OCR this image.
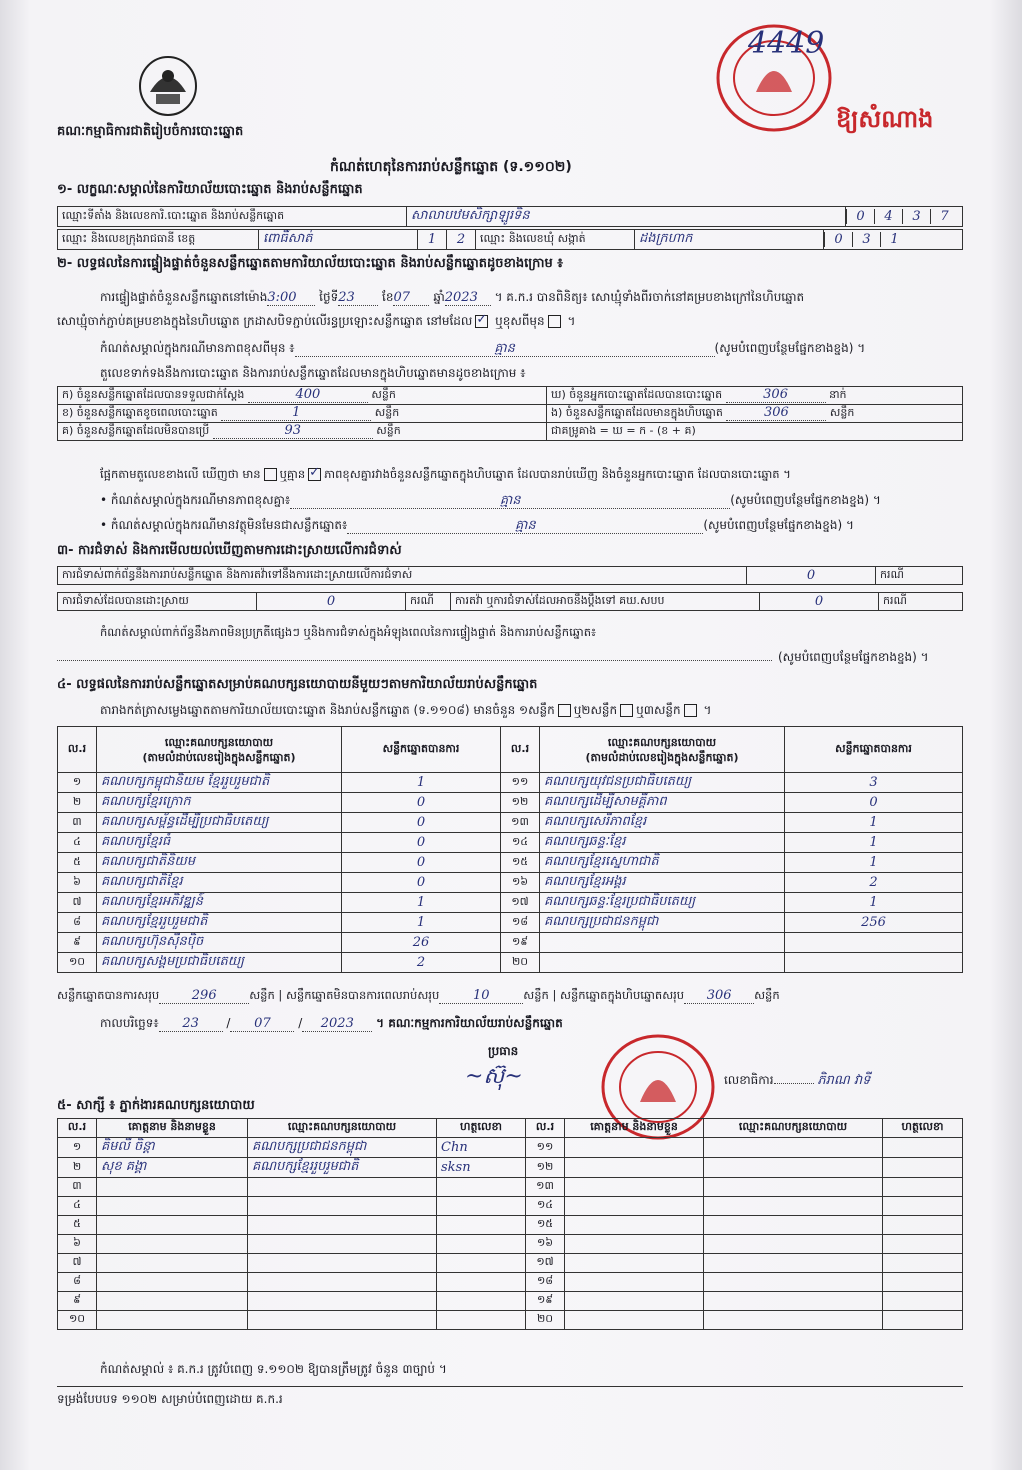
គណៈកម្មាធិការជាតិរៀបចំការបោះឆ្នោត
កំណត់ហេតុនៃការរាប់សន្លឹកឆ្នោត (ទ.១១០២)
ឱ្យសំណាង
4449
១- លក្ខណៈសម្គាល់នៃការិយាល័យបោះឆ្នោត និងរាប់សន្លឹកឆ្នោត
ឈ្មោះទីតាំង និងលេខការិ.បោះឆ្នោត និងរាប់សន្លឹកឆ្នោត	សាលាបឋមសិក្សាឡូរទិន	0 4 3 7
ឈ្មោះ និងលេខក្រុងរាជធានី ខេត្ត	ពោធិ៍សាត់	1	2	ឈ្មោះ និងលេខឃុំ សង្កាត់	ដងក្រហាក	0 3 1
២- លទ្ធផលនៃការផ្ទៀងផ្ទាត់ចំនួនសន្លឹកឆ្នោតតាមការិយាល័យបោះឆ្នោត និងរាប់សន្លឹកឆ្នោតដូចខាងក្រោម ៖
ការផ្ទៀងផ្ទាត់ចំនួនសន្លឹកឆ្នោតនៅម៉ោង3:00 ថ្ងៃទី23 ខែ07 ឆ្នាំ2023 ។ គ.ក.រ បានពិនិត្យ៖ សោឃ្មុំទាំងពីរចាក់នៅគម្របខាងក្រៅនៃហិបឆ្នោត
សោឃ្មុំចាក់ភ្ជាប់គម្របខាងក្នុងនៃហិបឆ្នោត ក្រដាសបិទភ្ជាប់លើរន្ធប្រឡោះសន្លឹកឆ្នោត នៅមដែល ✓ ឬខុសពីមុន ។
កំណត់សម្គាល់ក្នុងករណីមានភាពខុសពីមុន ៖	គ្មាន	(សូមបំពេញបន្ថែមផ្នែកខាងខ្នង) ។
តួលេខទាក់ទងនឹងការបោះឆ្នោត និងការរាប់សន្លឹកឆ្នោតដែលមានក្នុងហិបឆ្នោតមានដូចខាងក្រោម ៖
ក) ចំនួនសន្លឹកឆ្នោតដែលបានទទួលជាក់ស្តែង 400 សន្លឹក	ឃ) ចំនួនអ្នកបោះឆ្នោតដែលបានបោះឆ្នោត 306 នាក់
ខ) ចំនួនសន្លឹកឆ្នោតខូចពេលបោះឆ្នោត 1 សន្លឹក	ង) ចំនួនសន្លឹកឆ្នោតដែលមានក្នុងហិបឆ្នោត 306 សន្លឹក
គ) ចំនួនសន្លឹកឆ្នោតដែលមិនបានប្រើ 93 សន្លឹក	ជាគម្រូគាង = ឃ = ក - (ខ + គ)
ផ្អែកតាមតួលេខខាងលើ ឃើញថា មាន ឬគ្មាន ✓ ភាពខុសគ្នារវាងចំនួនសន្លឹកឆ្នោតក្នុងហិបឆ្នោត ដែលបានរាប់ឃើញ និងចំនួនអ្នកបោះឆ្នោត ដែលបានបោះឆ្នោត ។
• កំណត់សម្គាល់ក្នុងករណីមានភាពខុសគ្នា៖	គ្មាន	(សូមបំពេញបន្ថែមផ្នែកខាងខ្នង) ។
• កំណត់សម្គាល់ក្នុងករណីមានវត្ថុមិនមែនជាសន្លឹកឆ្នោត៖	គ្មាន	(សូមបំពេញបន្ថែមផ្នែកខាងខ្នង) ។
៣- ការជំទាស់ និងការមើលយល់ឃើញតាមការដោះស្រាយលើការជំទាស់
ការជំទាស់ពាក់ព័ន្ធនឹងការរាប់សន្លឹកឆ្នោត និងការតវ៉ាទៅនឹងការដោះស្រាយលើការជំទាស់	0	ករណី
ការជំទាស់ដែលបានដោះស្រាយ	0	ករណី	ការតវ៉ា ឬការជំទាស់ដែលអាចនឹងប្តឹងទៅ គឃ.សបប	0	ករណី
កំណត់សម្គាល់ពាក់ព័ន្ធនឹងភាពមិនប្រក្រតីផ្សេងៗ ឬនិងការជំទាស់ក្នុងអំឡុងពេលនៃការផ្ទៀងផ្ទាត់ និងការរាប់សន្លឹកឆ្នោត៖
(សូមបំពេញបន្ថែមផ្នែកខាងខ្នង) ។
៤- លទ្ធផលនៃការរាប់សន្លឹកឆ្នោតសម្រាប់គណបក្សនយោបាយនីមួយៗតាមការិយាល័យរាប់សន្លឹកឆ្នោត
តារាងកត់ត្រាសម្លេងឆ្នោតតាមការិយាល័យបោះឆ្នោត និងរាប់សន្លឹកឆ្នោត (ទ.១១០៨) មានចំនួន ១សន្លឹក ឬ២សន្លឹក ឬ៣សន្លឹក ។
ល.រ	ឈ្មោះគណបក្សនយោបាយ
(តាមលំដាប់លេខរៀងក្នុងសន្លឹកឆ្នោត)	សន្លឹកឆ្នោតបានការ	ល.រ	ឈ្មោះគណបក្សនយោបាយ
(តាមលំដាប់លេខរៀងក្នុងសន្លឹកឆ្នោត)	សន្លឹកឆ្នោតបានការ
១	គណបក្សកម្ពុជានិយម ខ្មែររួបរួមជាតិ	1	១១	គណបក្សយុវជនប្រជាធិបតេយ្យ	3
២	គណបក្សខ្មែរក្រោក	0	១២	គណបក្សដើម្បីសាមគ្គីភាព	0
៣	គណបក្សសម្ព័ន្ធដើម្បីប្រជាធិបតេយ្យ	0	១៣	គណបក្សសេរីភាពខ្មែរ	1
៤	គណបក្សខ្មែរធំ	0	១៤	គណបក្សឆន្ទៈខ្មែរ	1
៥	គណបក្សជាតិនិយម	0	១៥	គណបក្សខ្មែរស្នេហាជាតិ	1
៦	គណបក្សជាតិខ្មែរ	0	១៦	គណបក្សខ្មែរអង្គរ	2
៧	គណបក្សខ្មែរអភិវឌ្ឍន៍	1	១៧	គណបក្សឆន្ទៈខ្មែរប្រជាធិបតេយ្យ	1
៨	គណបក្សខ្មែររួបរួមជាតិ	1	១៨	គណបក្សប្រជាជនកម្ពុជា	256
៩	គណបក្សហ៊ុនស៊ីនប៉ិច	26	១៩		
១០	គណបក្សសង្គមប្រជាធិបតេយ្យ	2	២០		
សន្លឹកឆ្នោតបានការសរុប	296	សន្លឹក | សន្លឹកឆ្នោតមិនបានការពេលរាប់សរុប	10	សន្លឹក | សន្លឹកឆ្នោតក្នុងហិបឆ្នោតសរុប 306 សន្លឹក
កាលបរិច្ឆេទ៖ 23 / 07 / 2023 ។ គណៈកម្មការការិយាល័យរាប់សន្លឹកឆ្នោត
ប្រធាន
~ស៊ុ~	លេខាធិការ	ភិរាណ វាទី
៥- សាក្សី ៖ ភ្នាក់ងារគណបក្សនយោបាយ
ល.រ	គោត្តនាម និងនាមខ្លួន	ឈ្មោះគណបក្សនយោបាយ	ហត្ថលេខា	ល.រ	គោត្តនាម និងនាមខ្លួន	ឈ្មោះគណបក្សនយោបាយ	ហត្ថលេខា
១	គិមលី ចិន្តា	គណបក្សប្រជាជនកម្ពុជា	Chn	១១			
២	សុខ គង្គា	គណបក្សខ្មែររួបរួមជាតិ	sksn	១២			
៣				១៣			
៤				១៤			
៥				១៥			
៦				១៦			
៧				១៧			
៨				១៨			
៩				១៩			
១០				២០			
កំណត់សម្គាល់ ៖ គ.ក.រ ត្រូវបំពេញ ទ.១១០២ ឱ្យបានត្រឹមត្រូវ ចំនួន ៣ច្បាប់ ។
ទម្រង់បែបបទ ១១០២ សម្រាប់បំពេញដោយ គ.ក.រ
